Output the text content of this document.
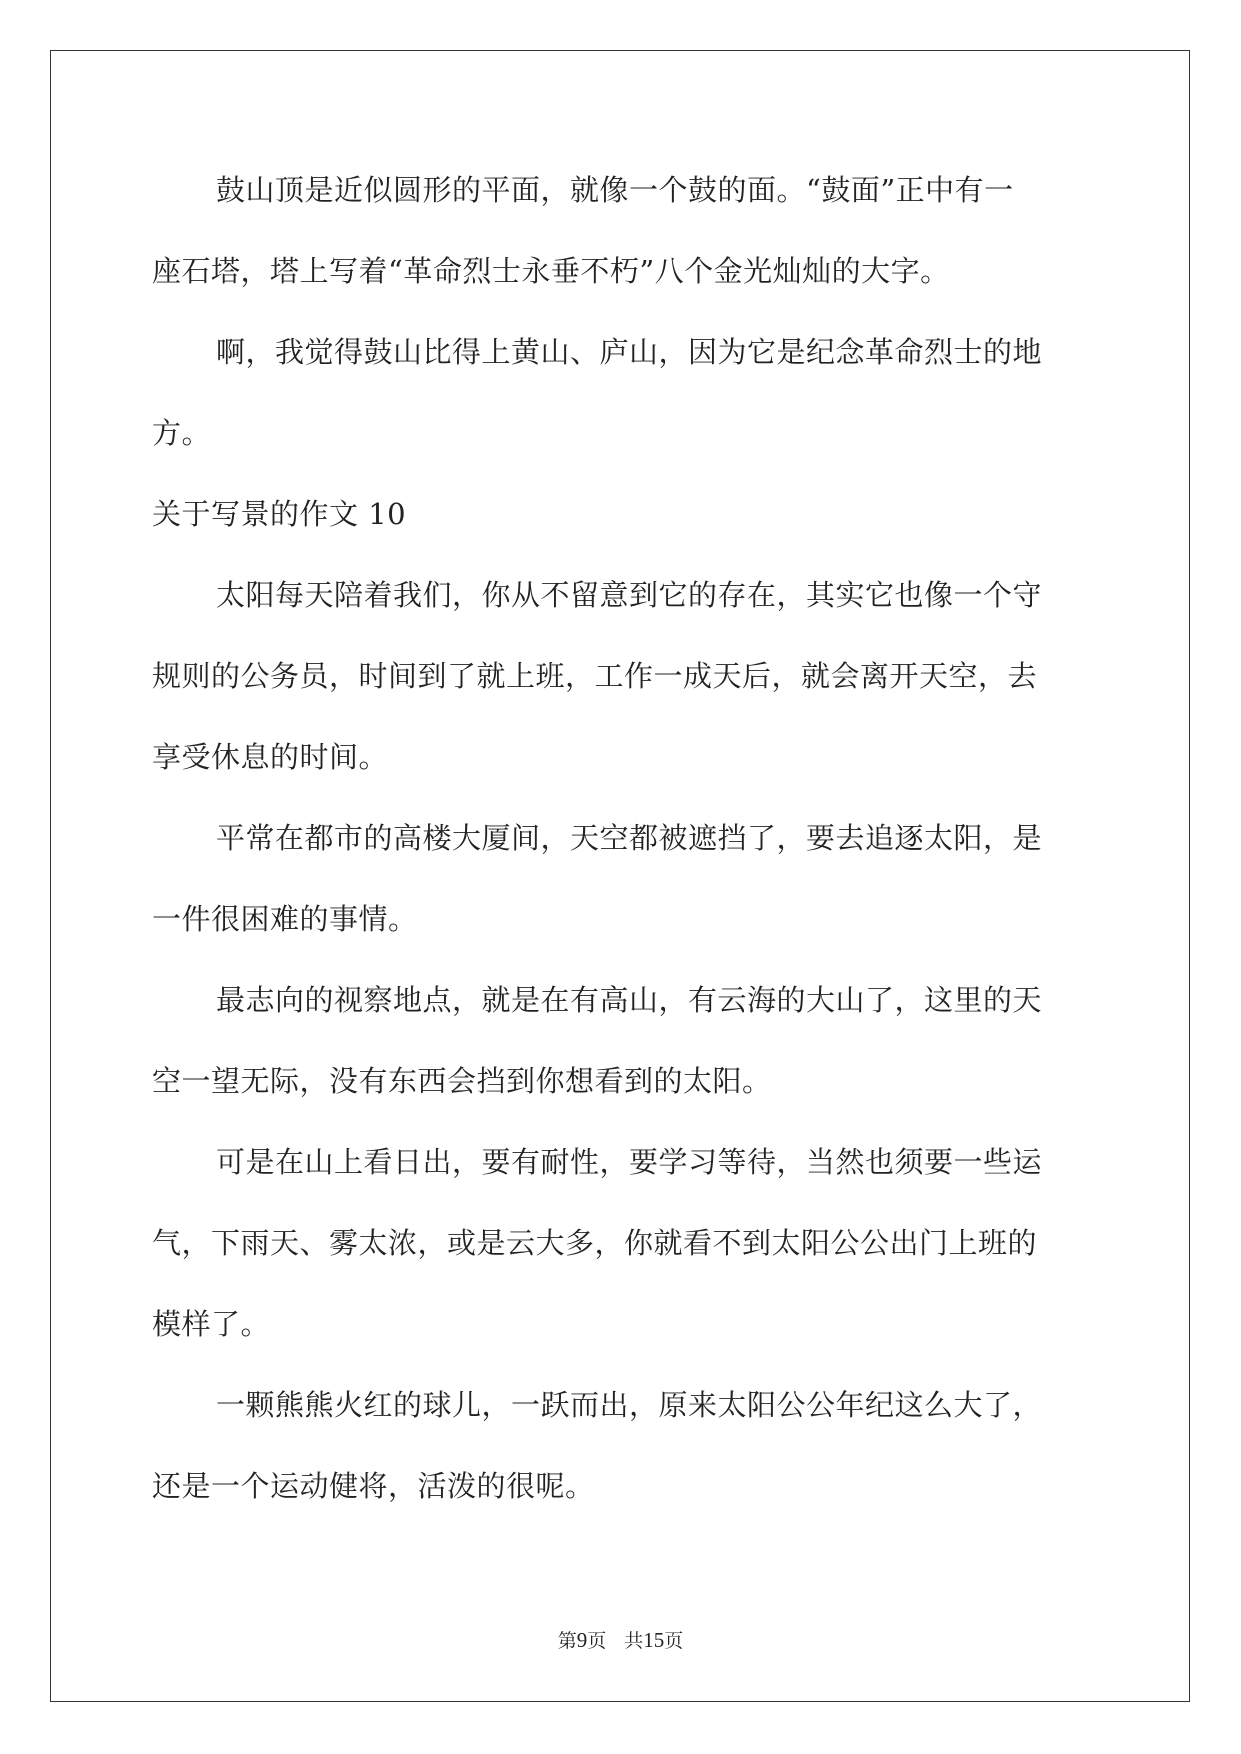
鼓山顶是近似圆形的平面，就像一个鼓的面。“鼓面”正中有一
座石塔，塔上写着“革命烈士永垂不朽”八个金光灿灿的大字。
啊，我觉得鼓山比得上黄山、庐山，因为它是纪念革命烈士的地
方。
关于写景的作文 10
太阳每天陪着我们，你从不留意到它的存在，其实它也像一个守
规则的公务员，时间到了就上班，工作一成天后，就会离开天空，去
享受休息的时间。
平常在都市的高楼大厦间，天空都被遮挡了，要去追逐太阳，是
一件很困难的事情。
最志向的视察地点，就是在有高山，有云海的大山了，这里的天
空一望无际，没有东西会挡到你想看到的太阳。
可是在山上看日出，要有耐性，要学习等待，当然也须要一些运
气，下雨天、雾太浓，或是云大多，你就看不到太阳公公出门上班的
模样了。
一颗熊熊火红的球儿，一跃而出，原来太阳公公年纪这么大了，
还是一个运动健将，活泼的很呢。
第9页 共15页
